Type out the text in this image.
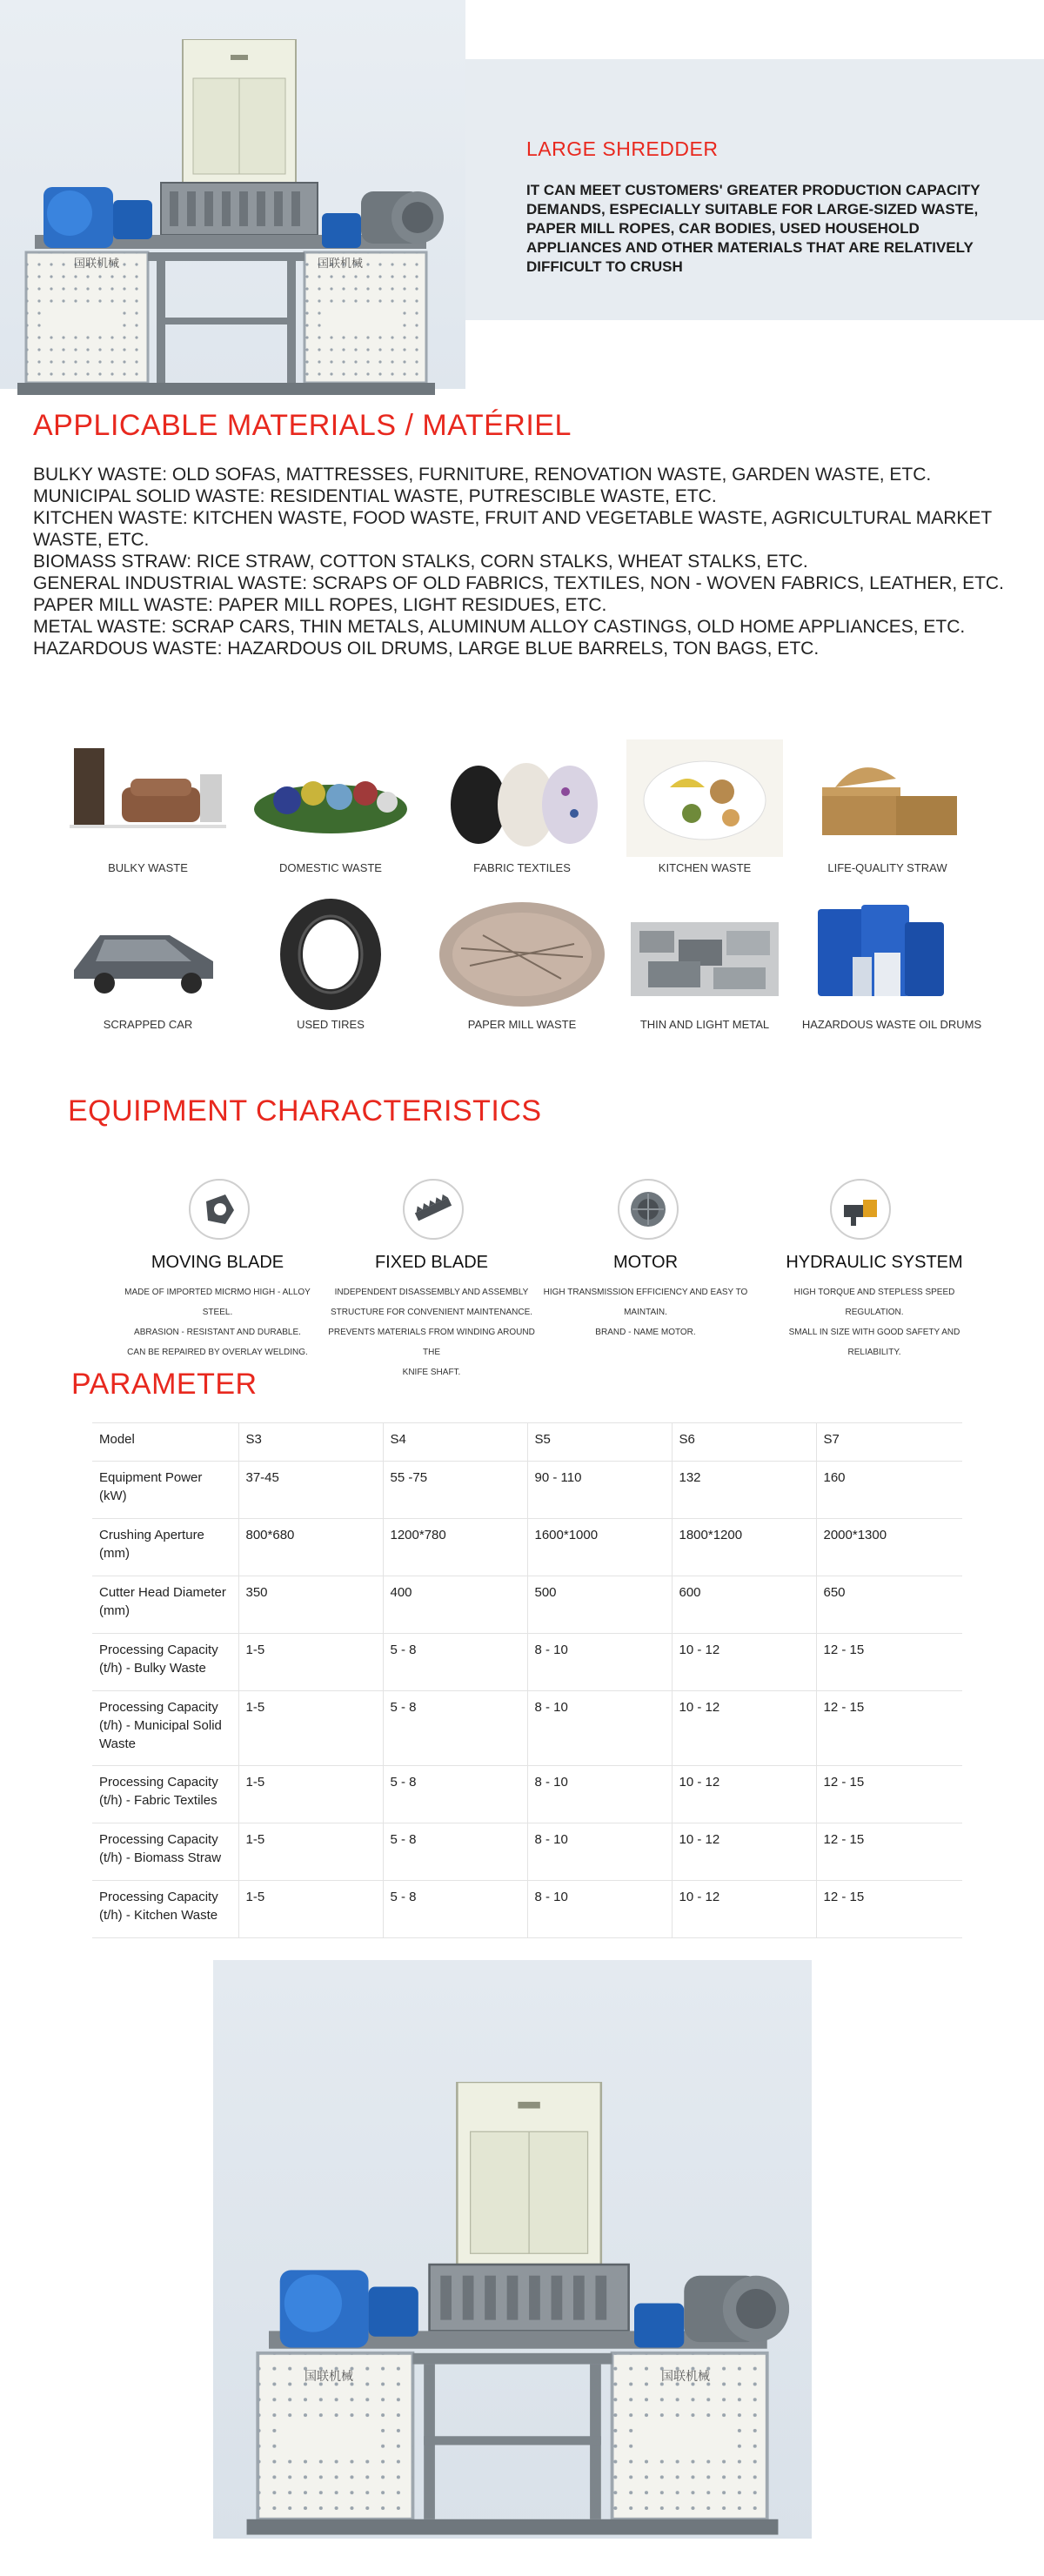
国联机械	国联机械
LARGE SHREDDER
IT CAN MEET CUSTOMERS' GREATER PRODUCTION CAPACITY DEMANDS, ESPECIALLY SUITABLE FOR LARGE-SIZED WASTE, PAPER MILL ROPES, CAR BODIES, USED HOUSEHOLD APPLIANCES AND OTHER MATERIALS THAT ARE RELATIVELY DIFFICULT TO CRUSH
APPLICABLE MATERIALS / MATÉRIEL
BULKY WASTE: OLD SOFAS, MATTRESSES, FURNITURE, RENOVATION WASTE, GARDEN WASTE, ETC.
MUNICIPAL SOLID WASTE: RESIDENTIAL WASTE, PUTRESCIBLE WASTE, ETC.
KITCHEN WASTE: KITCHEN WASTE, FOOD WASTE, FRUIT AND VEGETABLE WASTE, AGRICULTURAL MARKET WASTE, ETC.
BIOMASS STRAW: RICE STRAW, COTTON STALKS, CORN STALKS, WHEAT STALKS, ETC.
GENERAL INDUSTRIAL WASTE: SCRAPS OF OLD FABRICS, TEXTILES, NON - WOVEN FABRICS, LEATHER, ETC.
PAPER MILL WASTE: PAPER MILL ROPES, LIGHT RESIDUES, ETC.
METAL WASTE: SCRAP CARS, THIN METALS, ALUMINUM ALLOY CASTINGS, OLD HOME APPLIANCES, ETC.
HAZARDOUS WASTE: HAZARDOUS OIL DRUMS, LARGE BLUE BARRELS, TON BAGS, ETC.
BULKY WASTE	DOMESTIC WASTE	FABRIC TEXTILES	KITCHEN WASTE	LIFE-QUALITY STRAW
SCRAPPED CAR	USED TIRES	PAPER MILL WASTE	THIN AND LIGHT METAL	HAZARDOUS WASTE OIL DRUMS
EQUIPMENT CHARACTERISTICS
MOVING BLADE
MADE OF IMPORTED MICRMO HIGH - ALLOY STEEL.
ABRASION - RESISTANT AND DURABLE.
CAN BE REPAIRED BY OVERLAY WELDING.
FIXED BLADE
INDEPENDENT DISASSEMBLY AND ASSEMBLY
STRUCTURE FOR CONVENIENT MAINTENANCE.
PREVENTS MATERIALS FROM WINDING AROUND THE
KNIFE SHAFT.
MOTOR
HIGH TRANSMISSION EFFICIENCY AND EASY TO
MAINTAIN.
BRAND - NAME MOTOR.
HYDRAULIC SYSTEM
HIGH TORQUE AND STEPLESS SPEED REGULATION.
SMALL IN SIZE WITH GOOD SAFETY AND RELIABILITY.
PARAMETER
Model	S3	S4	S5	S6	S7
Equipment Power (kW)	37-45	55 -75	90 - 110	132	160
Crushing Aperture (mm)	800*680	1200*780	1600*1000	1800*1200	2000*1300
Cutter Head Diameter (mm)	350	400	500	600	650
Processing Capacity (t/h) - Bulky Waste	1-5	5 - 8	8 - 10	10 - 12	12 - 15
Processing Capacity (t/h) - Municipal Solid Waste	1-5	5 - 8	8 - 10	10 - 12	12 - 15
Processing Capacity (t/h) - Fabric Textiles	1-5	5 - 8	8 - 10	10 - 12	12 - 15
Processing Capacity (t/h) - Biomass Straw	1-5	5 - 8	8 - 10	10 - 12	12 - 15
Processing Capacity (t/h) - Kitchen Waste	1-5	5 - 8	8 - 10	10 - 12	12 - 15
国联机械	国联机械
